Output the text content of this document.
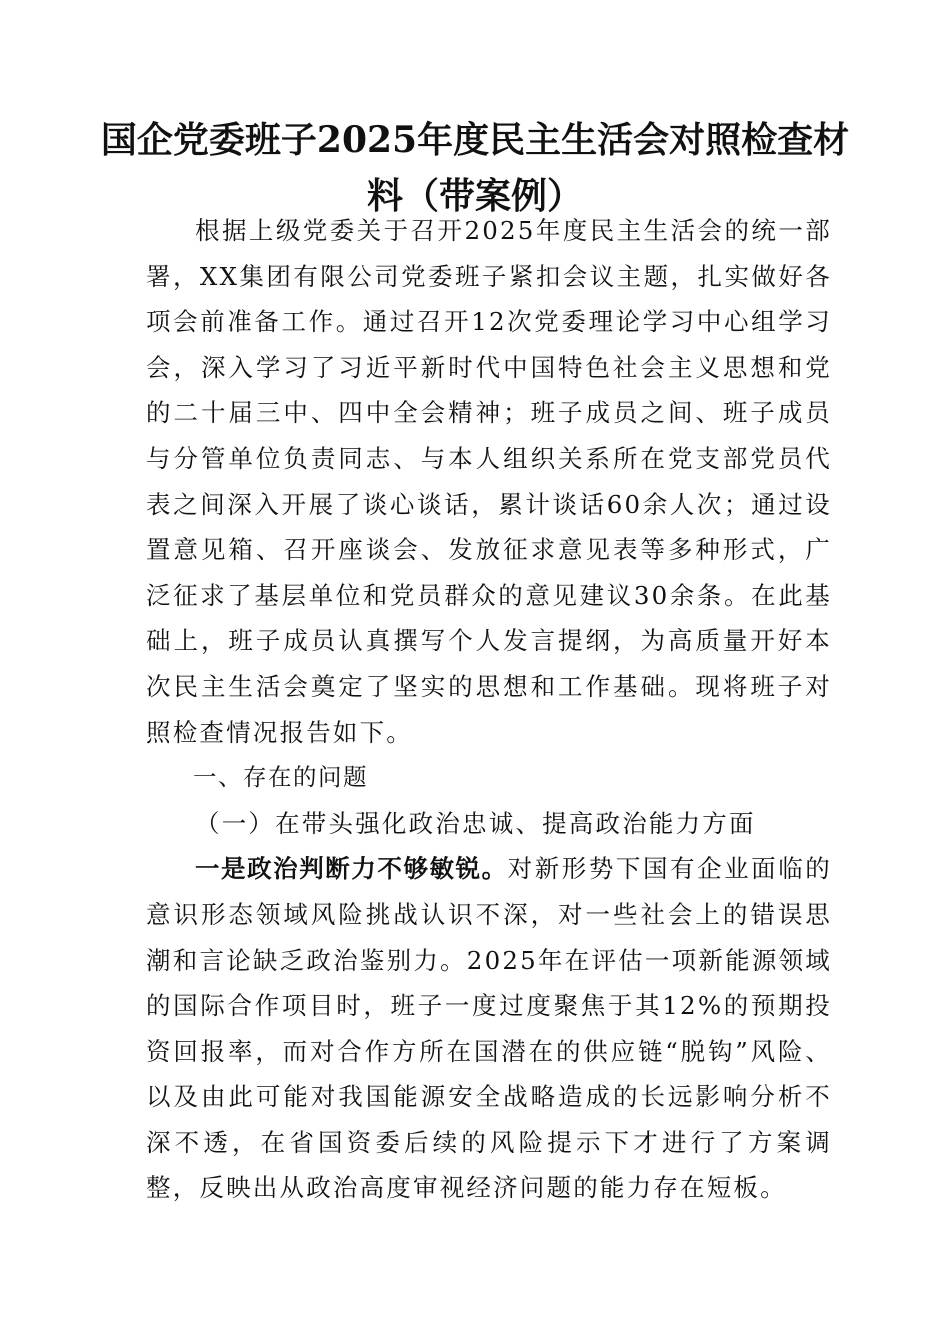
国企党委班子2025年度民主生活会对照检查材料（带案例）

根据上级党委关于召开2025年度民主生活会的统一部署，XX集团有限公司党委班子紧扣会议主题，扎实做好各项会前准备工作。通过召开12次党委理论学习中心组学习会，深入学习了习近平新时代中国特色社会主义思想和党的二十届三中、四中全会精神；班子成员之间、班子成员与分管单位负责同志、与本人组织关系所在党支部党员代表之间深入开展了谈心谈话，累计谈话60余人次；通过设置意见箱、召开座谈会、发放征求意见表等多种形式，广泛征求了基层单位和党员群众的意见建议30余条。在此基础上，班子成员认真撰写个人发言提纲，为高质量开好本次民主生活会奠定了坚实的思想和工作基础。现将班子对照检查情况报告如下。

一、存在的问题

（一）在带头强化政治忠诚、提高政治能力方面

一是政治判断力不够敏锐。对新形势下国有企业面临的意识形态领域风险挑战认识不深，对一些社会上的错误思潮和言论缺乏政治鉴别力。2025年在评估一项新能源领域的国际合作项目时，班子一度过度聚焦于其12%的预期投资回报率，而对合作方所在国潜在的供应链“脱钩”风险、以及由此可能对我国能源安全战略造成的长远影响分析不深不透，在省国资委后续的风险提示下才进行了方案调整，反映出从政治高度审视经济问题的能力存在短板。
